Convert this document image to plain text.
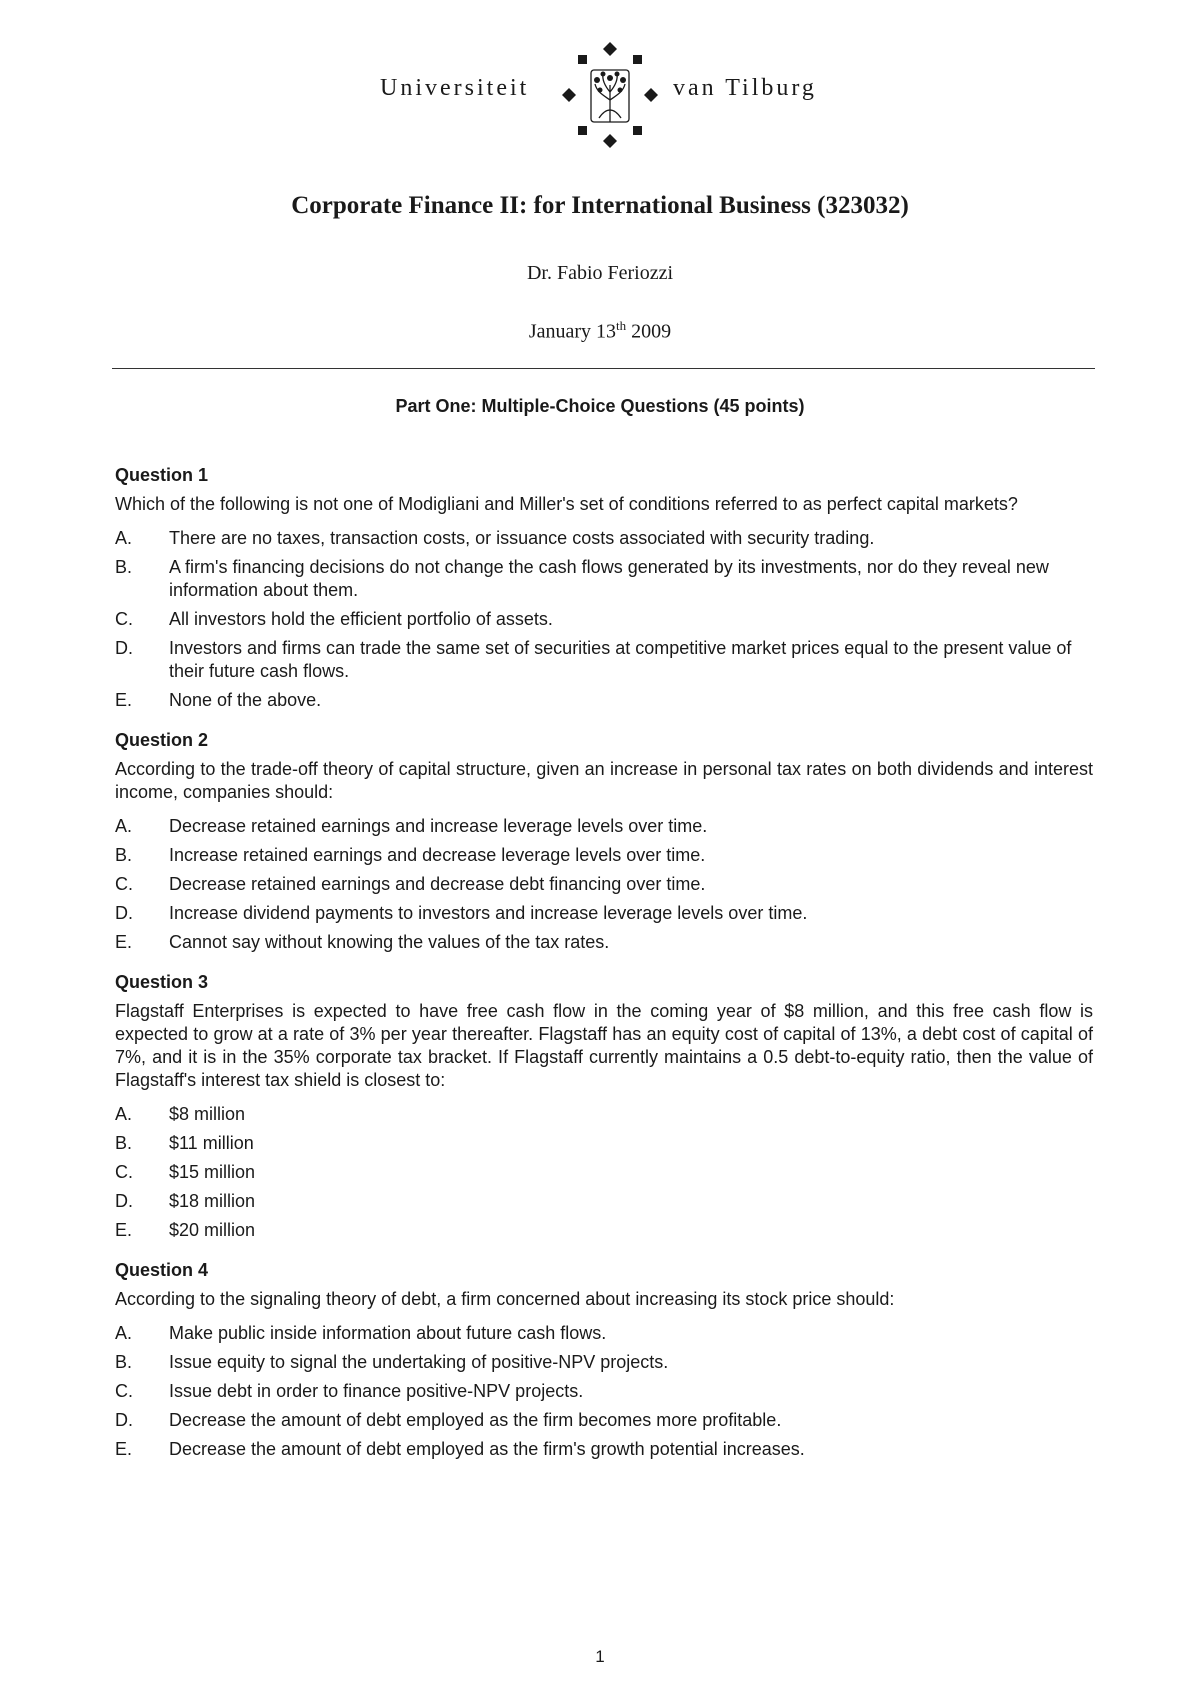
Universiteit	van Tilburg
Corporate Finance II: for International Business (323032)
Dr. Fabio Feriozzi
January 13th 2009
Part One: Multiple-Choice Questions (45 points)

Question 1

Which of the following is not one of Modigliani and Miller's set of conditions referred to as perfect capital markets?

A.	There are no taxes, transaction costs, or issuance costs associated with security trading.
B.	A firm's financing decisions do not change the cash flows generated by its investments, nor do they reveal new information about them.
C.	All investors hold the efficient portfolio of assets.
D.	Investors and firms can trade the same set of securities at competitive market prices equal to the present value of their future cash flows.
E.	None of the above.

Question 2

According to the trade-off theory of capital structure, given an increase in personal tax rates on both dividends and interest income, companies should:

A.	Decrease retained earnings and increase leverage levels over time.
B.	Increase retained earnings and decrease leverage levels over time.
C.	Decrease retained earnings and decrease debt financing over time.
D.	Increase dividend payments to investors and increase leverage levels over time.
E.	Cannot say without knowing the values of the tax rates.

Question 3

Flagstaff Enterprises is expected to have free cash flow in the coming year of $8 million, and this free cash flow is expected to grow at a rate of 3% per year thereafter. Flagstaff has an equity cost of capital of 13%, a debt cost of capital of 7%, and it is in the 35% corporate tax bracket. If Flagstaff currently maintains a 0.5 debt-to-equity ratio, then the value of Flagstaff's interest tax shield is closest to:

A.	$8 million
B.	$11 million
C.	$15 million
D.	$18 million
E.	$20 million

Question 4

According to the signaling theory of debt, a firm concerned about increasing its stock price should:

A.	Make public inside information about future cash flows.
B.	Issue equity to signal the undertaking of positive-NPV projects.
C.	Issue debt in order to finance positive-NPV projects.
D.	Decrease the amount of debt employed as the firm becomes more profitable.
E.	Decrease the amount of debt employed as the firm's growth potential increases.
1
